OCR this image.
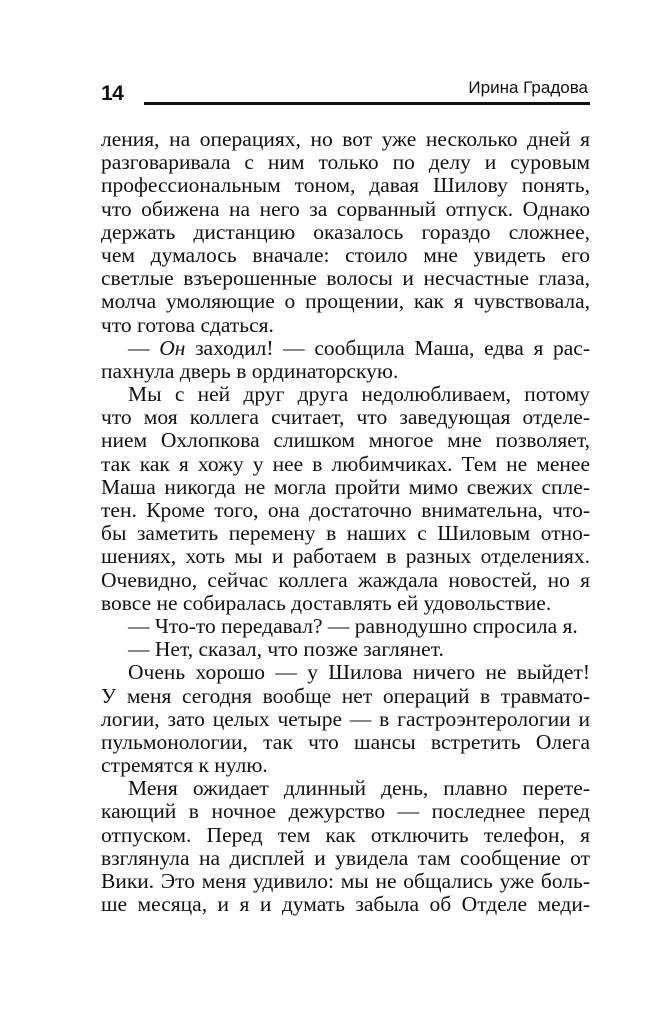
14	Ирина Градова
ления, на операциях, но вот уже несколько дней я
разговаривала с ним только по делу и суровым
профессиональным тоном, давая Шилову понять,
что обижена на него за сорванный отпуск. Однако
держать дистанцию оказалось гораздо сложнее,
чем думалось вначале: стоило мне увидеть его
светлые взъерошенные волосы и несчастные глаза,
молча умоляющие о прощении, как я чувствовала,
что готова сдаться.
— Он заходил! — сообщила Маша, едва я рас-
пахнула дверь в ординаторскую.
Мы с ней друг друга недолюбливаем, потому
что моя коллега считает, что заведующая отделе-
нием Охлопкова слишком многое мне позволяет,
так как я хожу у нее в любимчиках. Тем не менее
Маша никогда не могла пройти мимо свежих спле-
тен. Кроме того, она достаточно внимательна, что-
бы заметить перемену в наших с Шиловым отно-
шениях, хоть мы и работаем в разных отделениях.
Очевидно, сейчас коллега жаждала новостей, но я
вовсе не собиралась доставлять ей удовольствие.
— Что-то передавал? — равнодушно спросила я.
— Нет, сказал, что позже заглянет.
Очень хорошо — у Шилова ничего не выйдет!
У меня сегодня вообще нет операций в травмато-
логии, зато целых четыре — в гастроэнтерологии и
пульмонологии, так что шансы встретить Олега
стремятся к нулю.
Меня ожидает длинный день, плавно перете-
кающий в ночное дежурство — последнее перед
отпуском. Перед тем как отключить телефон, я
взглянула на дисплей и увидела там сообщение от
Вики. Это меня удивило: мы не общались уже боль-
ше месяца, и я и думать забыла об Отделе меди-
